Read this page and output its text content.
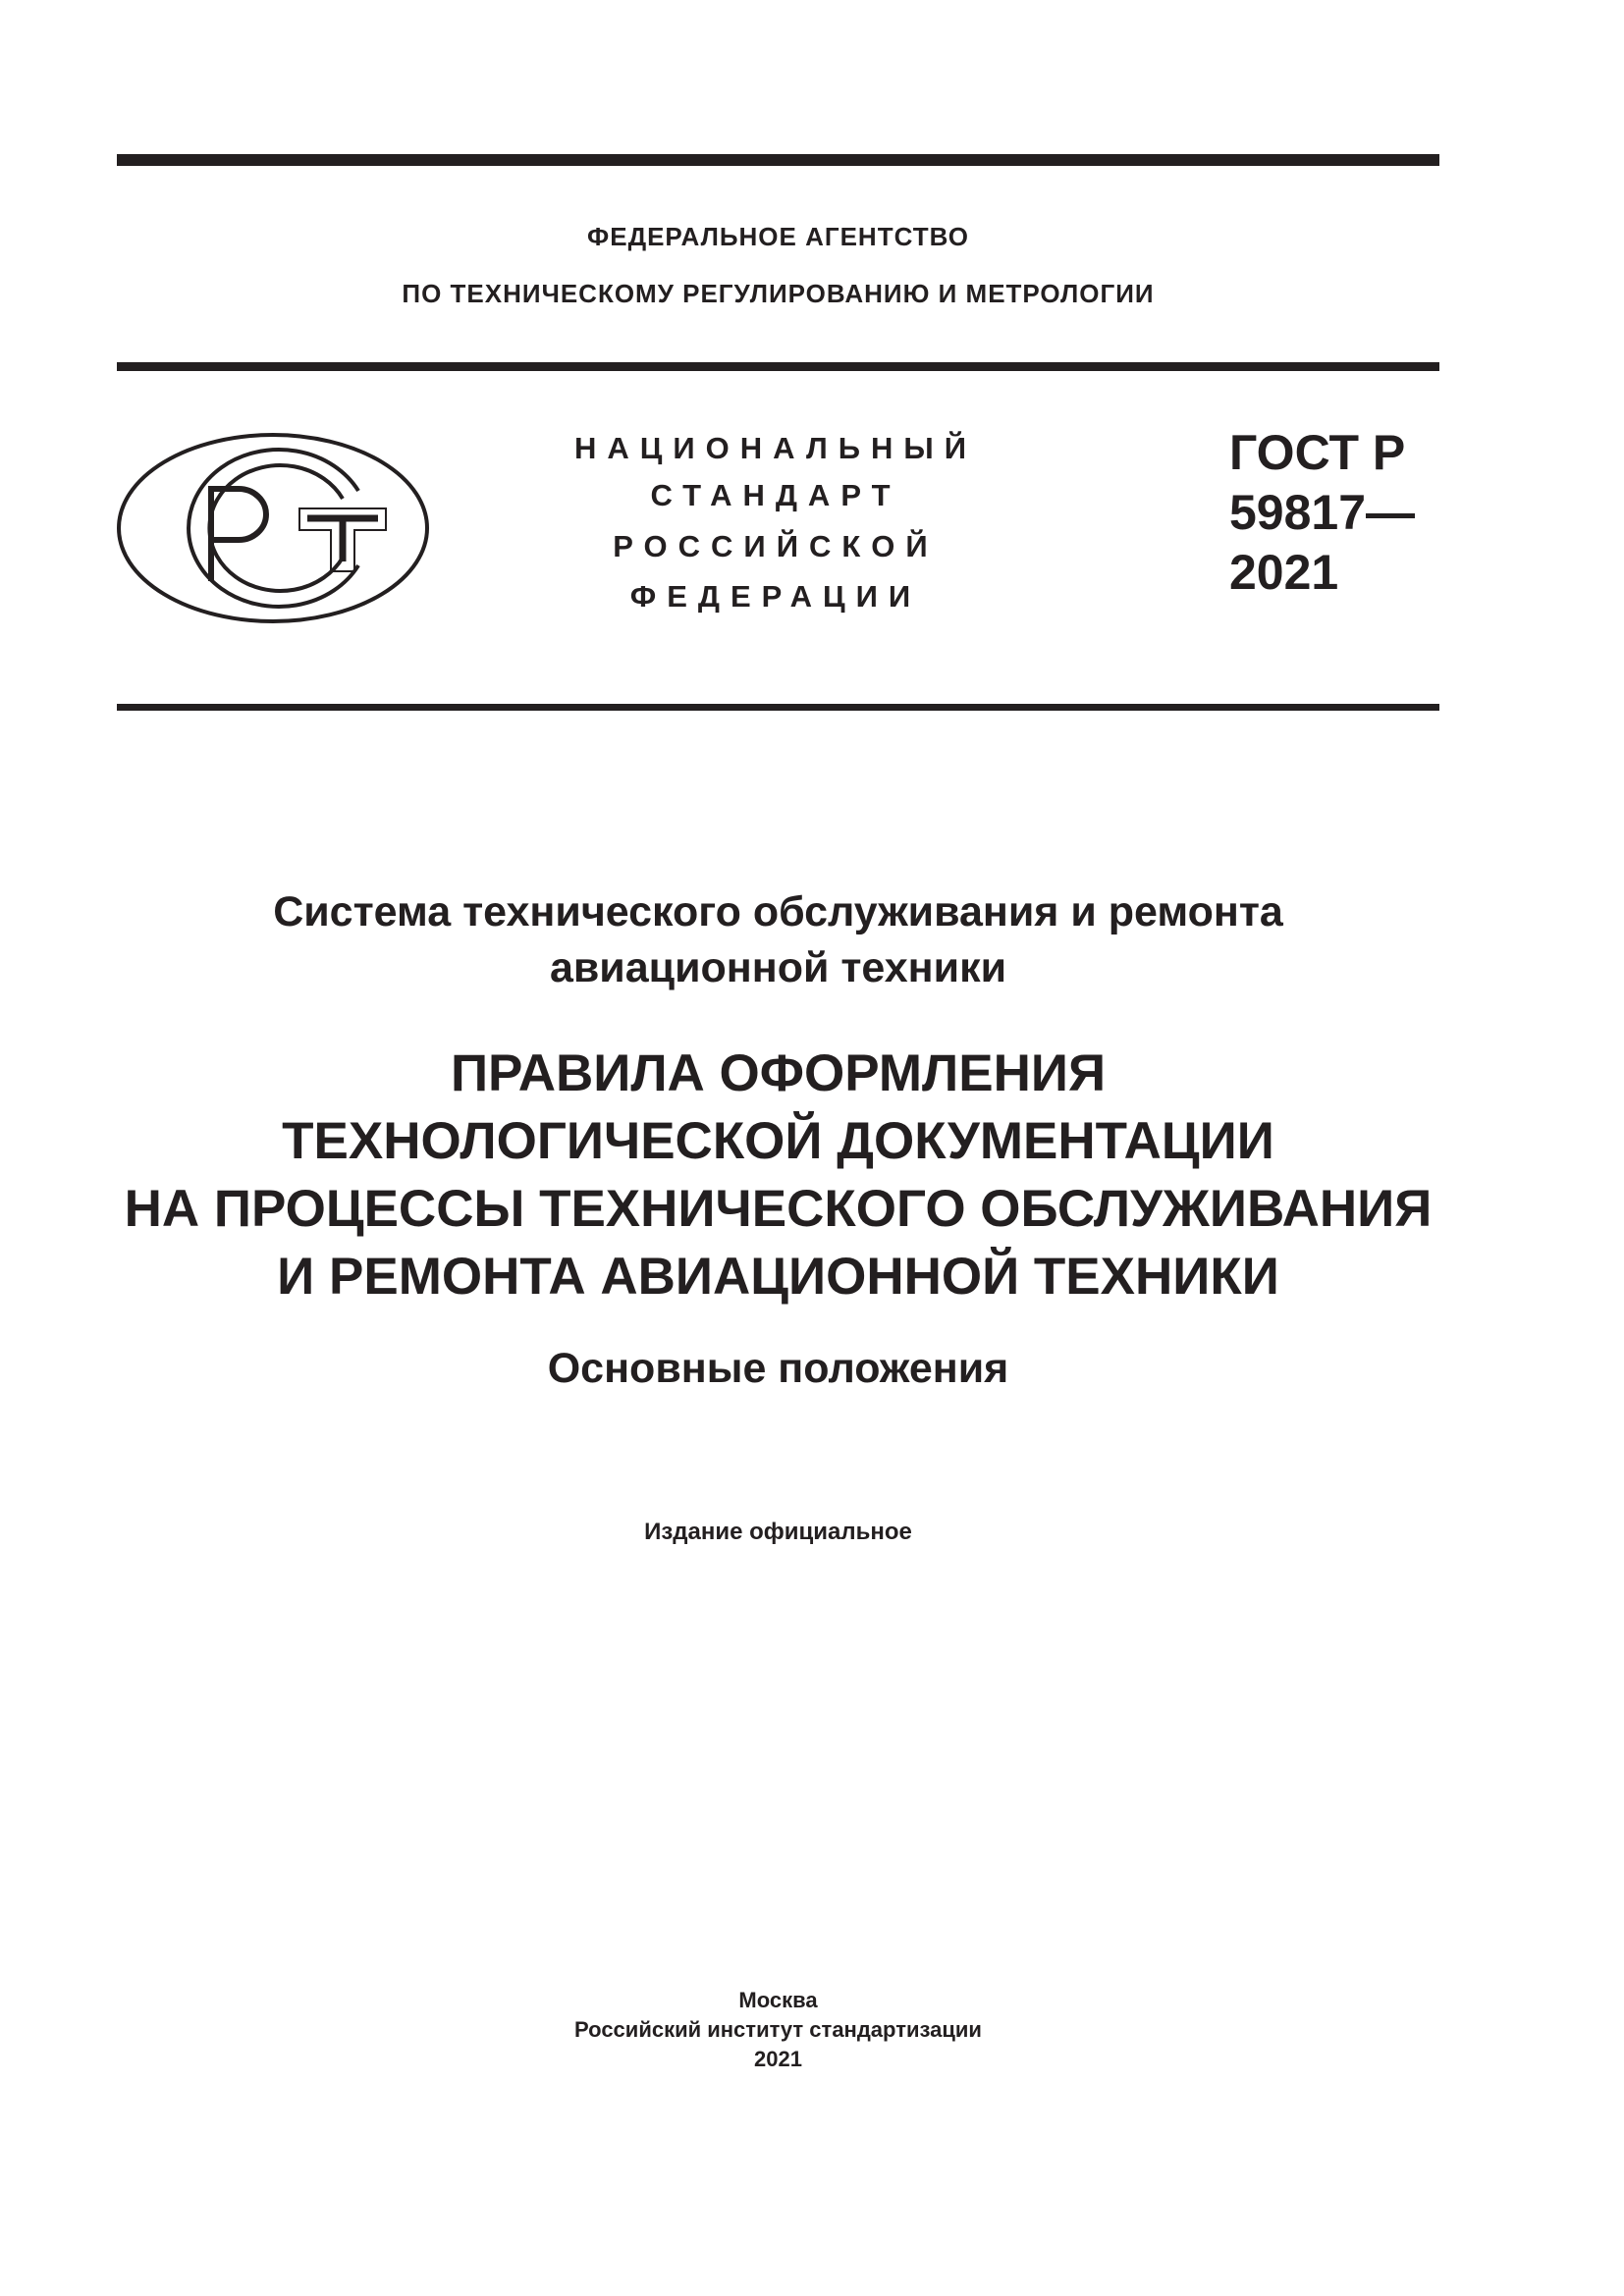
ФЕДЕРАЛЬНОЕ АГЕНТСТВО
ПО ТЕХНИЧЕСКОМУ РЕГУЛИРОВАНИЮ И МЕТРОЛОГИИ
НАЦИОНАЛЬНЫЙ
СТАНДАРТ
РОССИЙСКОЙ
ФЕДЕРАЦИИ
ГОСТ Р
59817—
2021
Система технического обслуживания и ремонта
авиационной техники
ПРАВИЛА ОФОРМЛЕНИЯ
ТЕХНОЛОГИЧЕСКОЙ ДОКУМЕНТАЦИИ
НА ПРОЦЕССЫ ТЕХНИЧЕСКОГО ОБСЛУЖИВАНИЯ
И РЕМОНТА АВИАЦИОННОЙ ТЕХНИКИ
Основные положения
Издание официальное
Москва
Российский институт стандартизации
2021
